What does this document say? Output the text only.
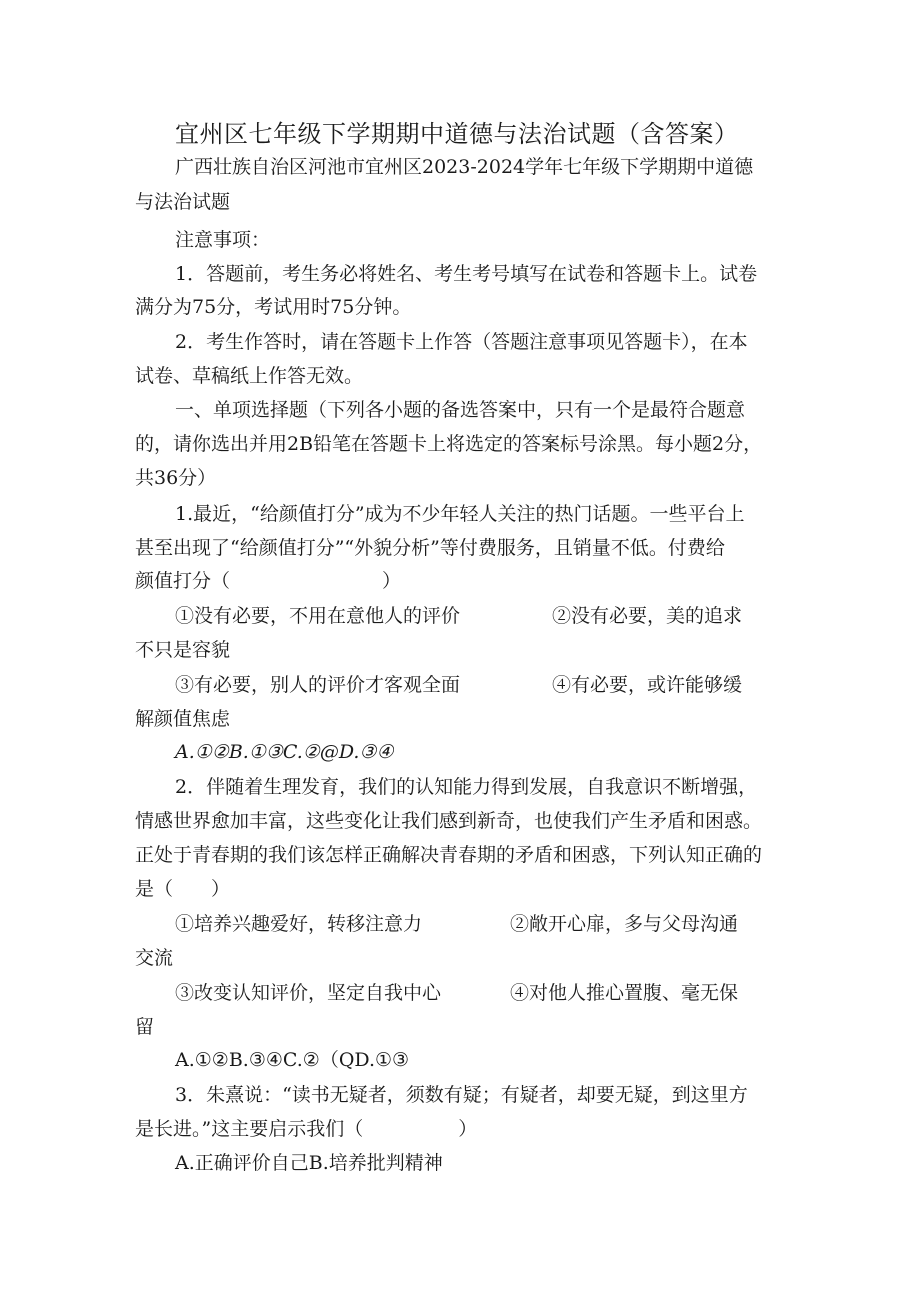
宜州区七年级下学期期中道德与法治试题（含答案）
广西壮族自治区河池市宜州区2023-2024学年七年级下学期期中道德
与法治试题
注意事项：
1．答题前，考生务必将姓名、考生考号填写在试卷和答题卡上。试卷
满分为75分，考试用时75分钟。
2．考生作答时，请在答题卡上作答（答题注意事项见答题卡），在本
试卷、草稿纸上作答无效。
一、单项选择题（下列各小题的备选答案中，只有一个是最符合题意
的，请你选出并用2B铅笔在答题卡上将选定的答案标号涂黑。每小题2分，
共36分）
1.最近，“给颜值打分”成为不少年轻人关注的热门话题。一些平台上
甚至出现了“给颜值打分”“外貌分析”等付费服务，且销量不低。付费给
颜值打分（　　　　　　　　）
①没有必要，不用在意他人的评价	②没有必要，美的追求
不只是容貌
③有必要，别人的评价才客观全面	④有必要，或许能够缓
解颜值焦虑
A.①②B.①③C.②@D.③④
2．伴随着生理发育，我们的认知能力得到发展，自我意识不断增强，
情感世界愈加丰富，这些变化让我们感到新奇，也使我们产生矛盾和困惑。
正处于青春期的我们该怎样正确解决青春期的矛盾和困惑，下列认知正确的
是（　　）
①培养兴趣爱好，转移注意力	②敞开心扉，多与父母沟通
交流
③改变认知评价，坚定自我中心	④对他人推心置腹、毫无保
留
A.①②B.③④C.②（QD.①③
3．朱熹说：“读书无疑者，须数有疑；有疑者，却要无疑，到这里方
是长进。”这主要启示我们（　　　　　）
A.正确评价自己B.培养批判精神
